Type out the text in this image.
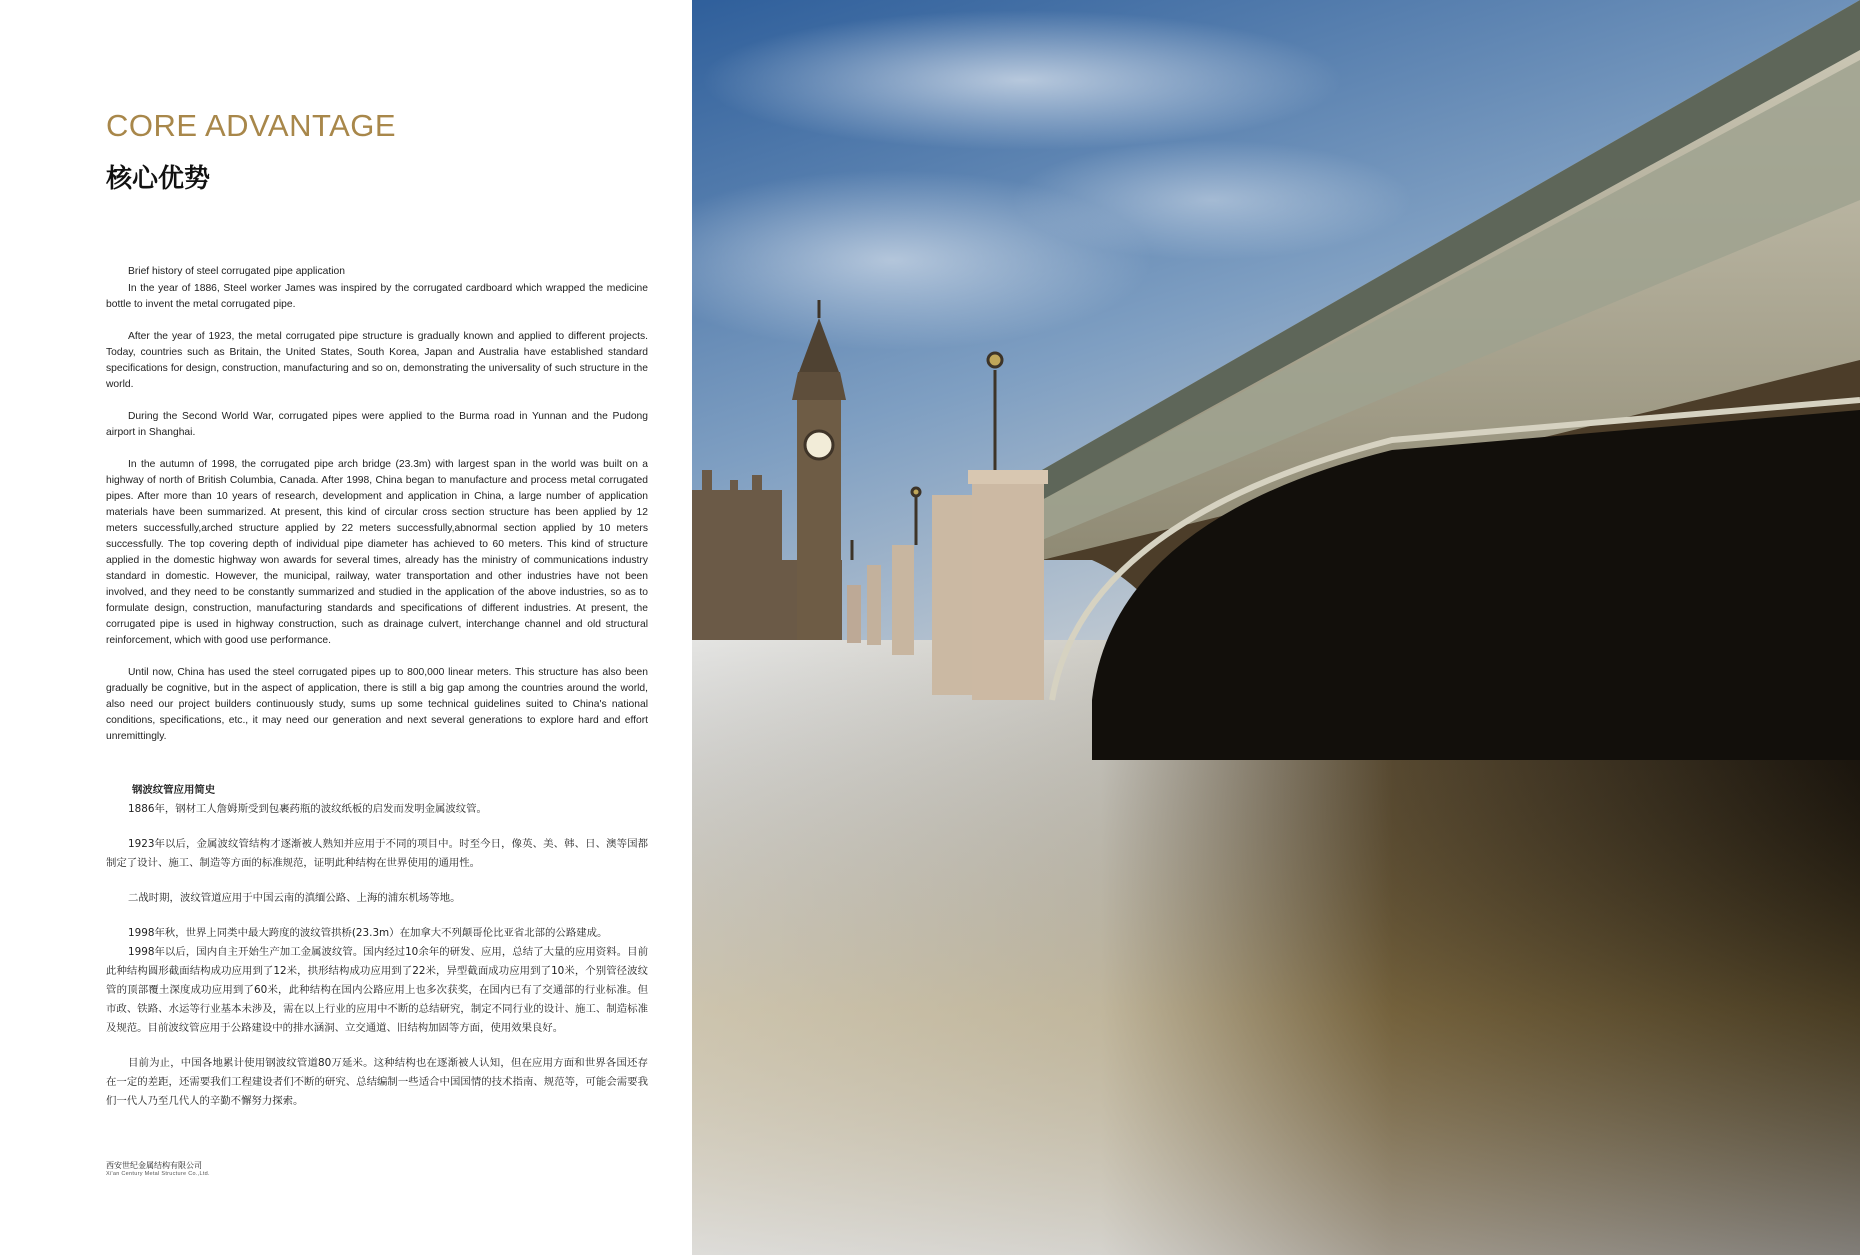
CORE ADVANTAGE
核心优势

Brief history of steel corrugated pipe application

In the year of 1886, Steel worker James was inspired by the corrugated cardboard which wrapped the medicine bottle to invent the metal corrugated pipe.

After the year of 1923, the metal corrugated pipe structure is gradually known and applied to different projects. Today, countries such as Britain, the United States, South Korea, Japan and Australia have established standard specifications for design, construction, manufacturing and so on, demonstrating the universality of such structure in the world.

During the Second World War, corrugated pipes were applied to the Burma road in Yunnan and the Pudong airport in Shanghai.

In the autumn of 1998, the corrugated pipe arch bridge (23.3m) with largest span in the world was built on a highway of north of British Columbia, Canada. After 1998, China began to manufacture and process metal corrugated pipes. After more than 10 years of research, development and application in China, a large number of application materials have been summarized. At present, this kind of circular cross section structure has been applied by 12 meters successfully,arched structure applied by 22 meters successfully,abnormal section applied by 10 meters successfully. The top covering depth of individual pipe diameter has achieved to 60 meters. This kind of structure applied in the domestic highway won awards for several times, already has the ministry of communications industry standard in domestic. However, the municipal, railway, water transportation and other industries have not been involved, and they need to be constantly summarized and studied in the application of the above industries, so as to formulate design, construction, manufacturing standards and specifications of different industries. At present, the corrugated pipe is used in highway construction, such as drainage culvert, interchange channel and old structural reinforcement, which with good use performance.

Until now, China has used the steel corrugated pipes up to 800,000 linear meters. This structure has also been gradually be cognitive, but in the aspect of application, there is still a big gap among the countries around the world, also need our project builders continuously study, sums up some technical guidelines suited to China's national conditions, specifications, etc., it may need our generation and next several generations to explore hard and effort unremittingly.

钢波纹管应用简史

1886年，钢材工人詹姆斯受到包裹药瓶的波纹纸板的启发而发明金属波纹管。

1923年以后，金属波纹管结构才逐渐被人熟知并应用于不同的项目中。时至今日，像英、美、韩、日、澳等国都制定了设计、施工、制造等方面的标准规范，证明此种结构在世界使用的通用性。

二战时期，波纹管道应用于中国云南的滇缅公路、上海的浦东机场等地。

1998年秋，世界上同类中最大跨度的波纹管拱桥(23.3m）在加拿大不列颠哥伦比亚省北部的公路建成。

1998年以后，国内自主开始生产加工金属波纹管。国内经过10余年的研发、应用，总结了大量的应用资料。目前此种结构圆形截面结构成功应用到了12米，拱形结构成功应用到了22米，异型截面成功应用到了10米，个别管径波纹管的顶部覆土深度成功应用到了60米，此种结构在国内公路应用上也多次获奖，在国内已有了交通部的行业标准。但市政、铁路、水运等行业基本未涉及，需在以上行业的应用中不断的总结研究，制定不同行业的设计、施工、制造标准及规范。目前波纹管应用于公路建设中的排水涵洞、立交通道、旧结构加固等方面，使用效果良好。

目前为止，中国各地累计使用钢波纹管道80万延米。这种结构也在逐渐被人认知，但在应用方面和世界各国还存在一定的差距，还需要我们工程建设者们不断的研究、总结编制一些适合中国国情的技术指南、规范等，可能会需要我们一代人乃至几代人的辛勤不懈努力探索。

西安世纪金属结构有限公司
Xi'an Century Metal Structure Co.,Ltd.
